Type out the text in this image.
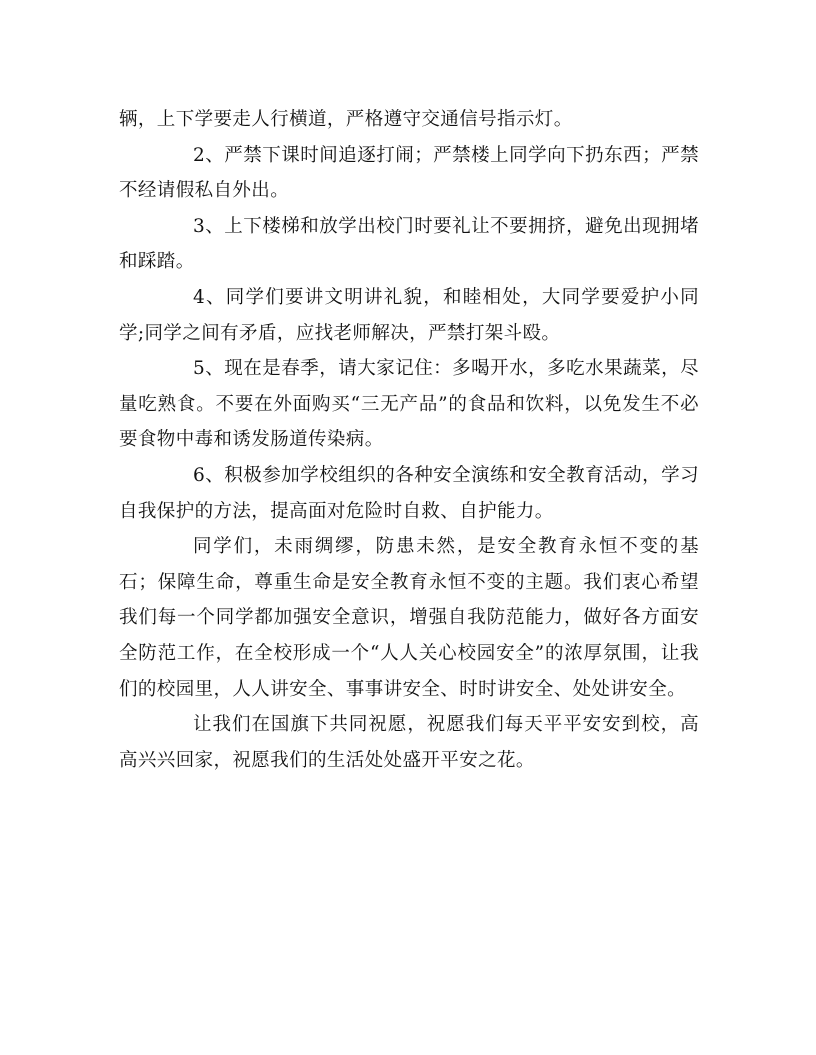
辆，上下学要走人行横道，严格遵守交通信号指示灯。

2、严禁下课时间追逐打闹；严禁楼上同学向下扔东西；严禁不经请假私自外出。

3、上下楼梯和放学出校门时要礼让不要拥挤，避免出现拥堵和踩踏。

4、同学们要讲文明讲礼貌，和睦相处，大同学要爱护小同学;同学之间有矛盾，应找老师解决，严禁打架斗殴。

5、现在是春季，请大家记住：多喝开水，多吃水果蔬菜，尽量吃熟食。不要在外面购买“三无产品”的食品和饮料，以免发生不必要食物中毒和诱发肠道传染病。

6、积极参加学校组织的各种安全演练和安全教育活动，学习自我保护的方法，提高面对危险时自救、自护能力。

同学们，未雨绸缪，防患未然，是安全教育永恒不变的基石；保障生命，尊重生命是安全教育永恒不变的主题。我们衷心希望我们每一个同学都加强安全意识，增强自我防范能力，做好各方面安全防范工作，在全校形成一个“人人关心校园安全”的浓厚氛围，让我们的校园里，人人讲安全、事事讲安全、时时讲安全、处处讲安全。

让我们在国旗下共同祝愿，祝愿我们每天平平安安到校，高高兴兴回家，祝愿我们的生活处处盛开平安之花。
